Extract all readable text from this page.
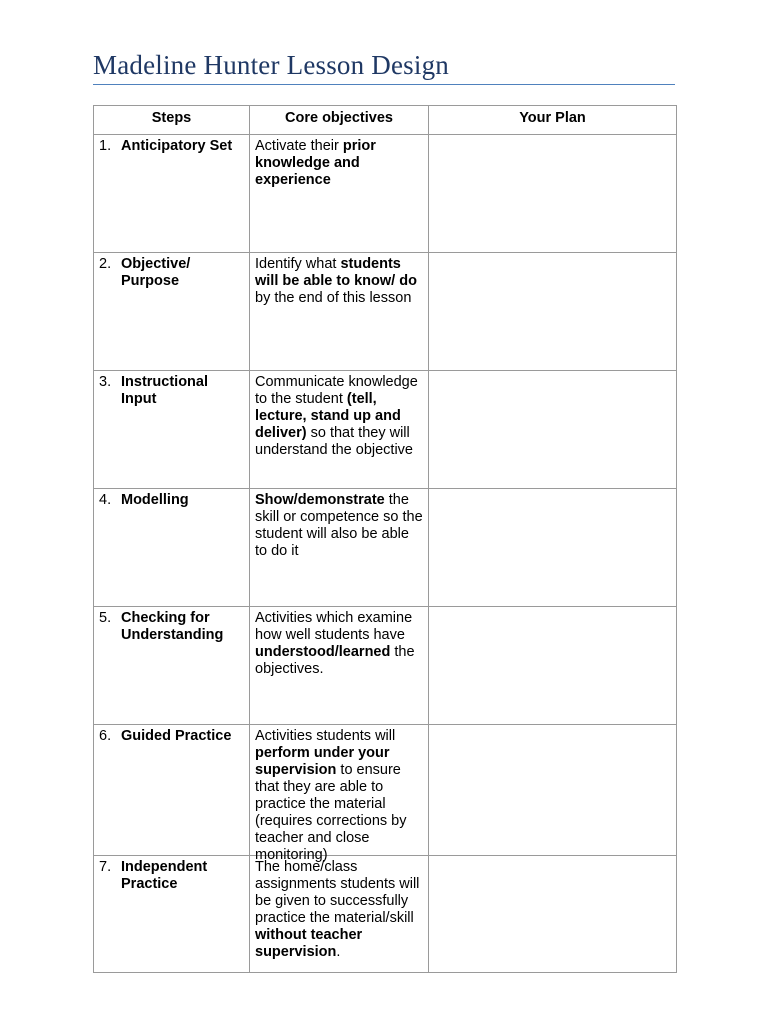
Madeline Hunter Lesson Design
Steps	Core objectives	Your Plan

1. Anticipatory Set	Activate their prior knowledge and experience	

2. Objective/ Purpose	Identify what students will be able to know/ do by the end of this lesson	

3. Instructional Input	Communicate knowledge to the student (tell, lecture, stand up and deliver) so that they will understand the objective	

4. Modelling	Show/demonstrate the skill or competence so the student will also be able to do it	

5. Checking for Understanding	Activities which examine how well students have understood/learned the objectives.	

6. Guided Practice	Activities students will perform under your supervision to ensure that they are able to practice the material (requires corrections by teacher and close monitoring)	

7. Independent Practice	The home/class assignments students will be given to successfully practice the material/skill without teacher supervision.	
